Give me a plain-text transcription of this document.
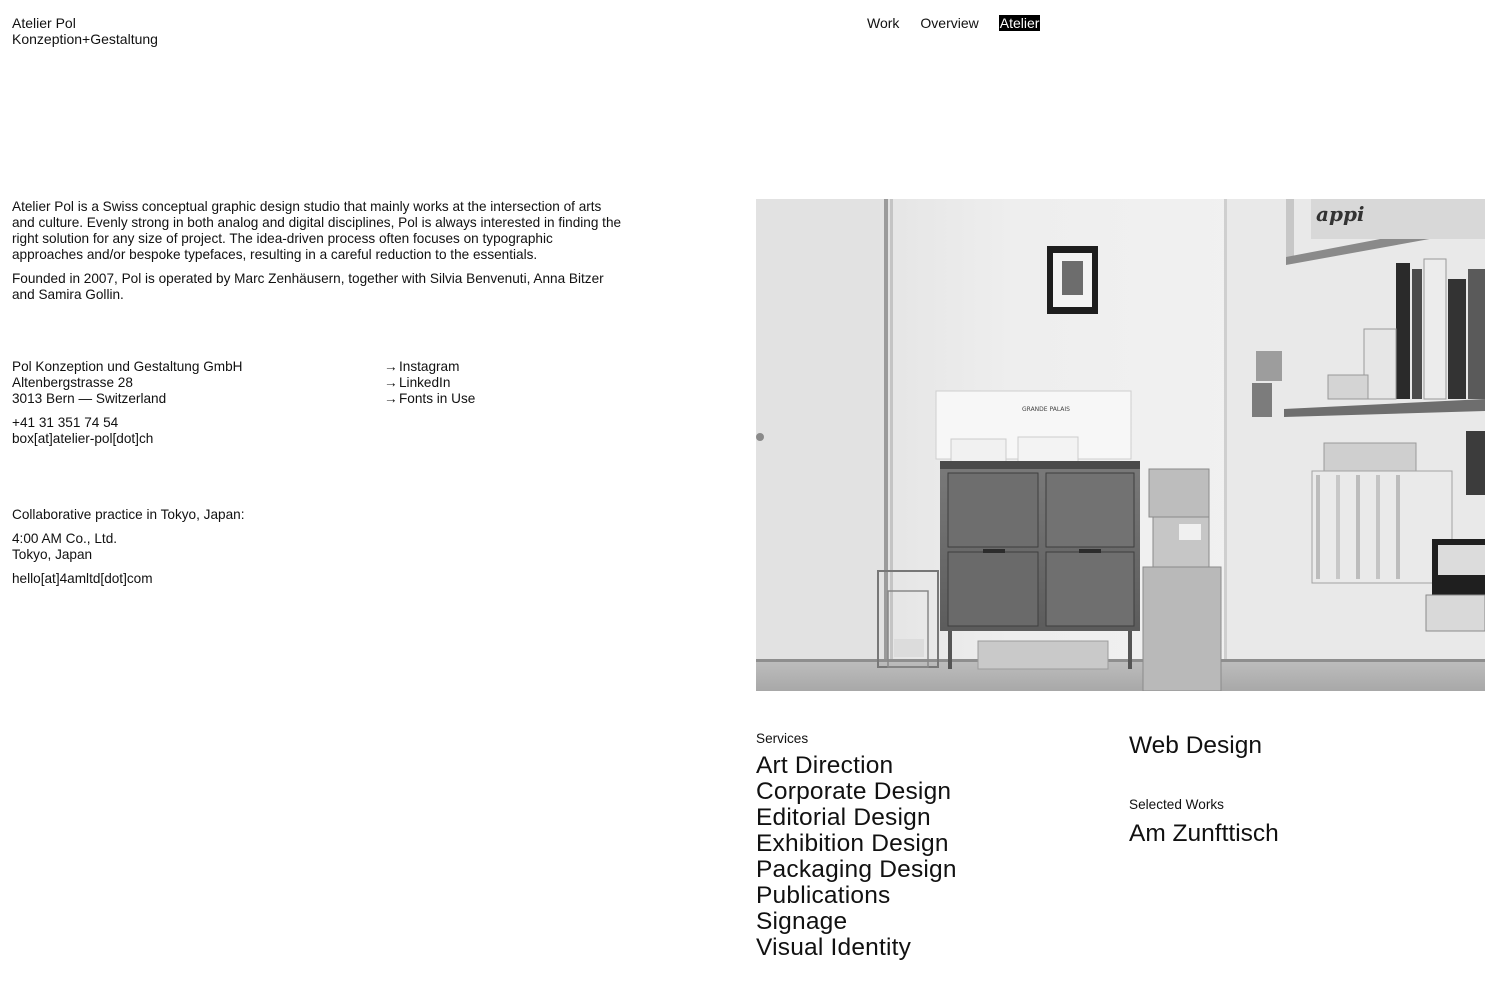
Atelier Pol
Konzeption+Gestaltung
Work Overview Atelier

Atelier Pol is a Swiss conceptual graphic design studio that mainly works at the intersection of arts and culture. Evenly strong in both analog and digital disciplines, Pol is always interested in finding the right solution for any size of project. The idea-driven process often focuses on typographic approaches and/or bespoke typefaces, resulting in a careful reduction to the essentials.

Founded in 2007, Pol is operated by Marc Zenhäusern, together with Silvia Benvenuti, Anna Bitzer and Samira Gollin.

Pol Konzeption und Gestaltung GmbH
Altenbergstrasse 28
3013 Bern — Switzerland

+41 31 351 74 54
box[at]atelier-pol[dot]ch

→Instagram
→LinkedIn
→Fonts in Use

Collaborative practice in Tokyo, Japan:

4:00 AM Co., Ltd.
Tokyo, Japan

hello[at]4amltd[dot]com

GRANDE PALAIS
appi

Services

Art Direction
Corporate Design
Editorial Design
Exhibition Design
Packaging Design
Publications
Signage
Visual Identity
Web Design

Selected Works

Am Zunfttisch
